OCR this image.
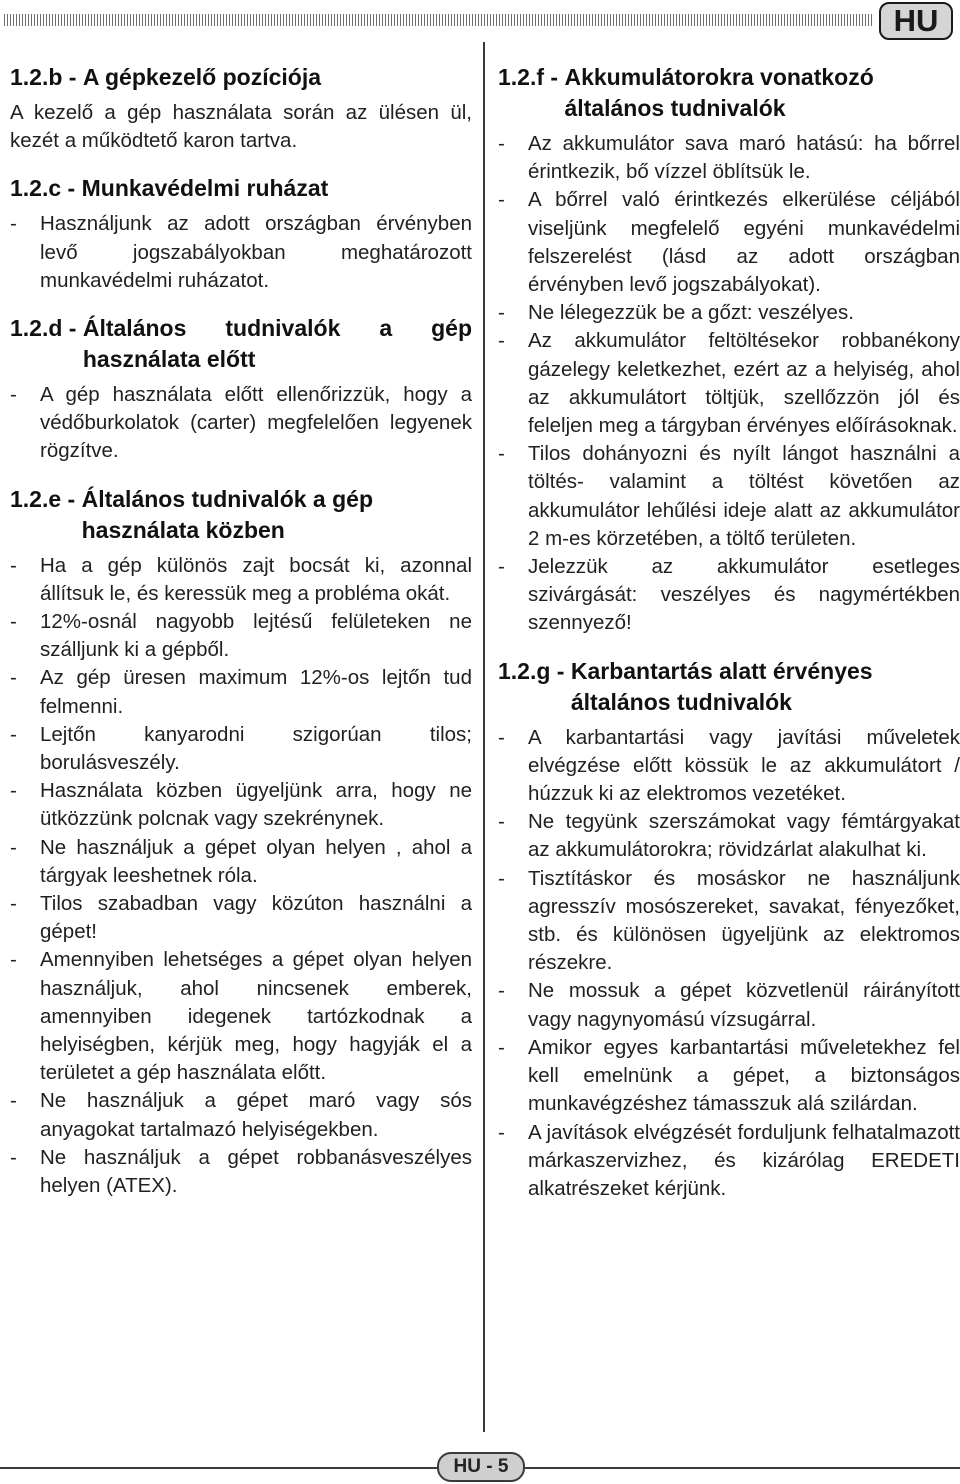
HU
1.2.b - A gépkezelő pozíciója

A kezelő a gép használata során az ülésen ül, kezét a működtető karon tartva.

1.2.c - Munkavédelmi ruházat
- Használjunk az adott országban érvényben levő jogszabályokban meghatározott munkavédelmi ruházatot.
1.2.d - Általános tudnivalók a gép
használata előtt
- A gép használata előtt ellenőrizzük, hogy a védőburkolatok (carter) megfelelően legyenek rögzítve.
1.2.e - Általános tudnivalók a gép használata közben
- Ha a gép különös zajt bocsát ki, azonnal állítsuk le, és keressük meg a probléma okát.
- 12%-osnál nagyobb lejtésű felületeken ne szálljunk ki a gépből.
- Az gép üresen maximum 12%-os lejtőn tud felmenni.
- Lejtőn kanyarodni szigorúan tilos; borulásveszély.
- Használata közben ügyeljünk arra, hogy ne ütközzünk polcnak vagy szekrénynek.
- Ne használjuk a gépet olyan helyen , ahol a tárgyak leeshetnek róla.
- Tilos szabadban vagy közúton használni a gépet!
- Amennyiben lehetséges a gépet olyan helyen használjuk, ahol nincsenek emberek, amennyiben idegenek tartózkodnak a helyiségben, kérjük meg, hogy hagyják el a területet a gép használata előtt.
- Ne használjuk a gépet maró vagy sós anyagokat tartalmazó helyiségekben.
- Ne használjuk a gépet robbanásveszélyes helyen (ATEX).
1.2.f - Akkumulátorokra vonatkozó általános tudnivalók
- Az akkumulátor sava maró hatású: ha bőrrel érintkezik, bő vízzel öblítsük le.
- A bőrrel való érintkezés elkerülése céljából viseljünk megfelelő egyéni munkavédelmi felszerelést (lásd az adott országban érvényben levő jogszabályokat).
- Ne lélegezzük be a gőzt: veszélyes.
- Az akkumulátor feltöltésekor robbanékony gázelegy keletkezhet, ezért az a helyiség, ahol az akkumulátort töltjük, szellőzzön jól és feleljen meg a tárgyban érvényes előírásoknak.
- Tilos dohányozni és nyílt lángot használni a töltés- valamint a töltést követően az akkumulátor lehűlési ideje alatt az akkumulátor 2 m-es körzetében, a töltő területen.
- Jelezzük az akkumulátor esetleges szivárgását: veszélyes és nagymértékben szennyező!
1.2.g - Karbantartás alatt érvényes általános tudnivalók
- A karbantartási vagy javítási műveletek elvégzése előtt kössük le az akkumulátort / húzzuk ki az elektromos vezetéket.
- Ne tegyünk szerszámokat vagy fémtárgyakat az akkumulátorokra; rövidzárlat alakulhat ki.
- Tisztításkor és mosáskor ne használjunk agresszív mosószereket, savakat, fényezőket, stb. és különösen ügyeljünk az elektromos részekre.
- Ne mossuk a gépet közvetlenül ráirányított vagy nagynyomású vízsugárral.
- Amikor egyes karbantartási műveletekhez fel kell emelnünk a gépet, a biztonságos munkavégzéshez támasszuk alá szilárdan.
- A javítások elvégzését forduljunk felhatalmazott márkaszervizhez, és kizárólag EREDETI alkatrészeket kérjünk.
HU - 5
